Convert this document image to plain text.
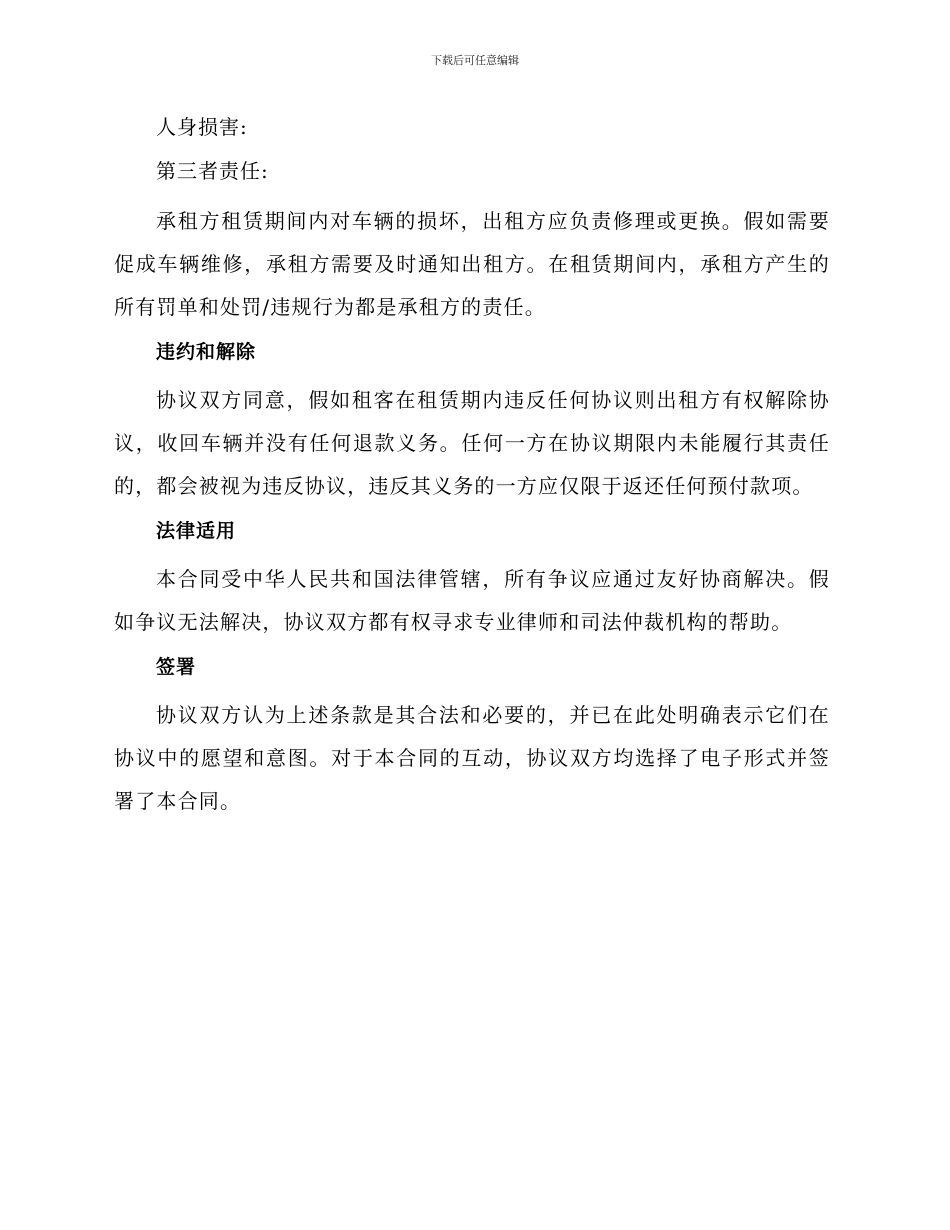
下载后可任意编辑

人身损害:

第三者责任:

承租方租赁期间内对车辆的损坏，出租方应负责修理或更换。假如需要促成车辆维修，承租方需要及时通知出租方。在租赁期间内，承租方产生的所有罚单和处罚/违规行为都是承租方的责任。

违约和解除

协议双方同意，假如租客在租赁期内违反任何协议则出租方有权解除协议，收回车辆并没有任何退款义务。任何一方在协议期限内未能履行其责任的，都会被视为违反协议，违反其义务的一方应仅限于返还任何预付款项。

法律适用

本合同受中华人民共和国法律管辖，所有争议应通过友好协商解决。假如争议无法解决，协议双方都有权寻求专业律师和司法仲裁机构的帮助。

签署

协议双方认为上述条款是其合法和必要的，并已在此处明确表示它们在协议中的愿望和意图。对于本合同的互动，协议双方均选择了电子形式并签署了本合同。
